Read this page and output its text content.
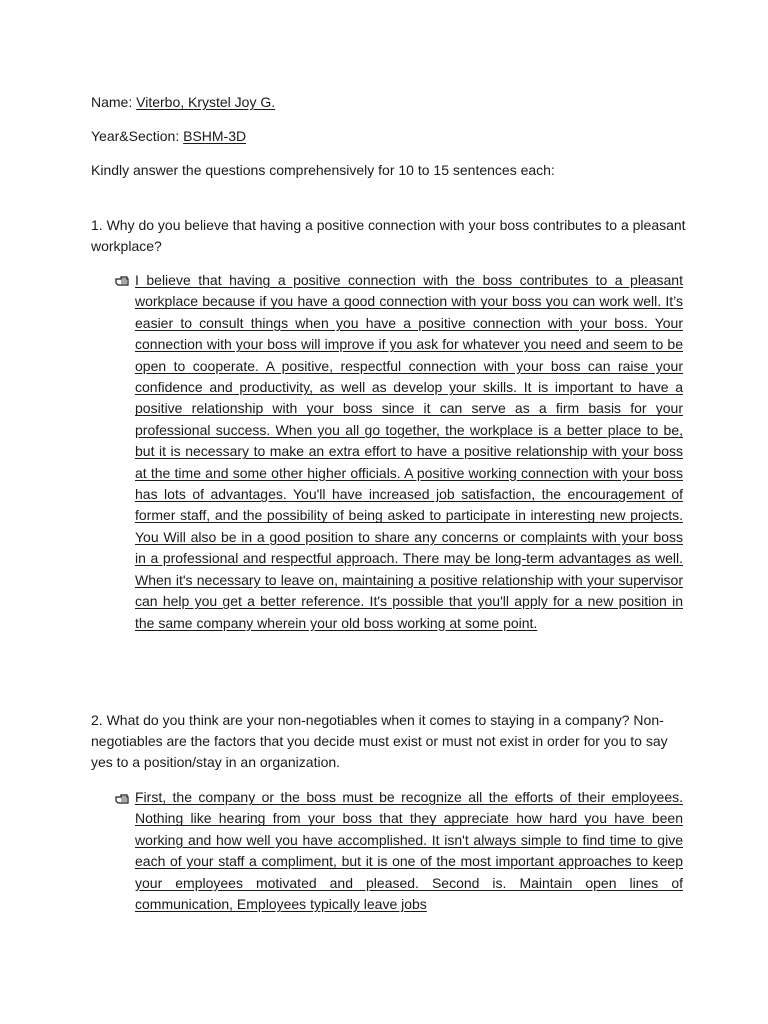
Name: Viterbo, Krystel Joy G.
Year&Section: BSHM-3D
Kindly answer the questions comprehensively for 10 to 15 sentences each:
1. Why do you believe that having a positive connection with your boss contributes to a pleasant workplace?
I believe that having a positive connection with the boss contributes to a pleasant workplace because if you have a good connection with your boss you can work well. It’s easier to consult things when you have a positive connection with your boss. Your connection with your boss will improve if you ask for whatever you need and seem to be open to cooperate. A positive, respectful connection with your boss can raise your confidence and productivity, as well as develop your skills. It is important to have a positive relationship with your boss since it can serve as a firm basis for your professional success. When you all go together, the workplace is a better place to be, but it is necessary to make an extra effort to have a positive relationship with your boss at the time and some other higher officials. A positive working connection with your boss has lots of advantages. You'll have increased job satisfaction, the encouragement of former staff, and the possibility of being asked to participate in interesting new projects. You Will also be in a good position to share any concerns or complaints with your boss in a professional and respectful approach. There may be long-term advantages as well. When it's necessary to leave on, maintaining a positive relationship with your supervisor can help you get a better reference. It's possible that you'll apply for a new position in the same company wherein your old boss working at some point.
2. What do you think are your non-negotiables when it comes to staying in a company? Non-negotiables are the factors that you decide must exist or must not exist in order for you to say yes to a position/stay in an organization.
First, the company or the boss must be recognize all the efforts of their employees. Nothing like hearing from your boss that they appreciate how hard you have been working and how well you have accomplished. It isn't always simple to find time to give each of your staff a compliment, but it is one of the most important approaches to keep your employees motivated and pleased. Second is. Maintain open lines of communication, Employees typically leave jobs
